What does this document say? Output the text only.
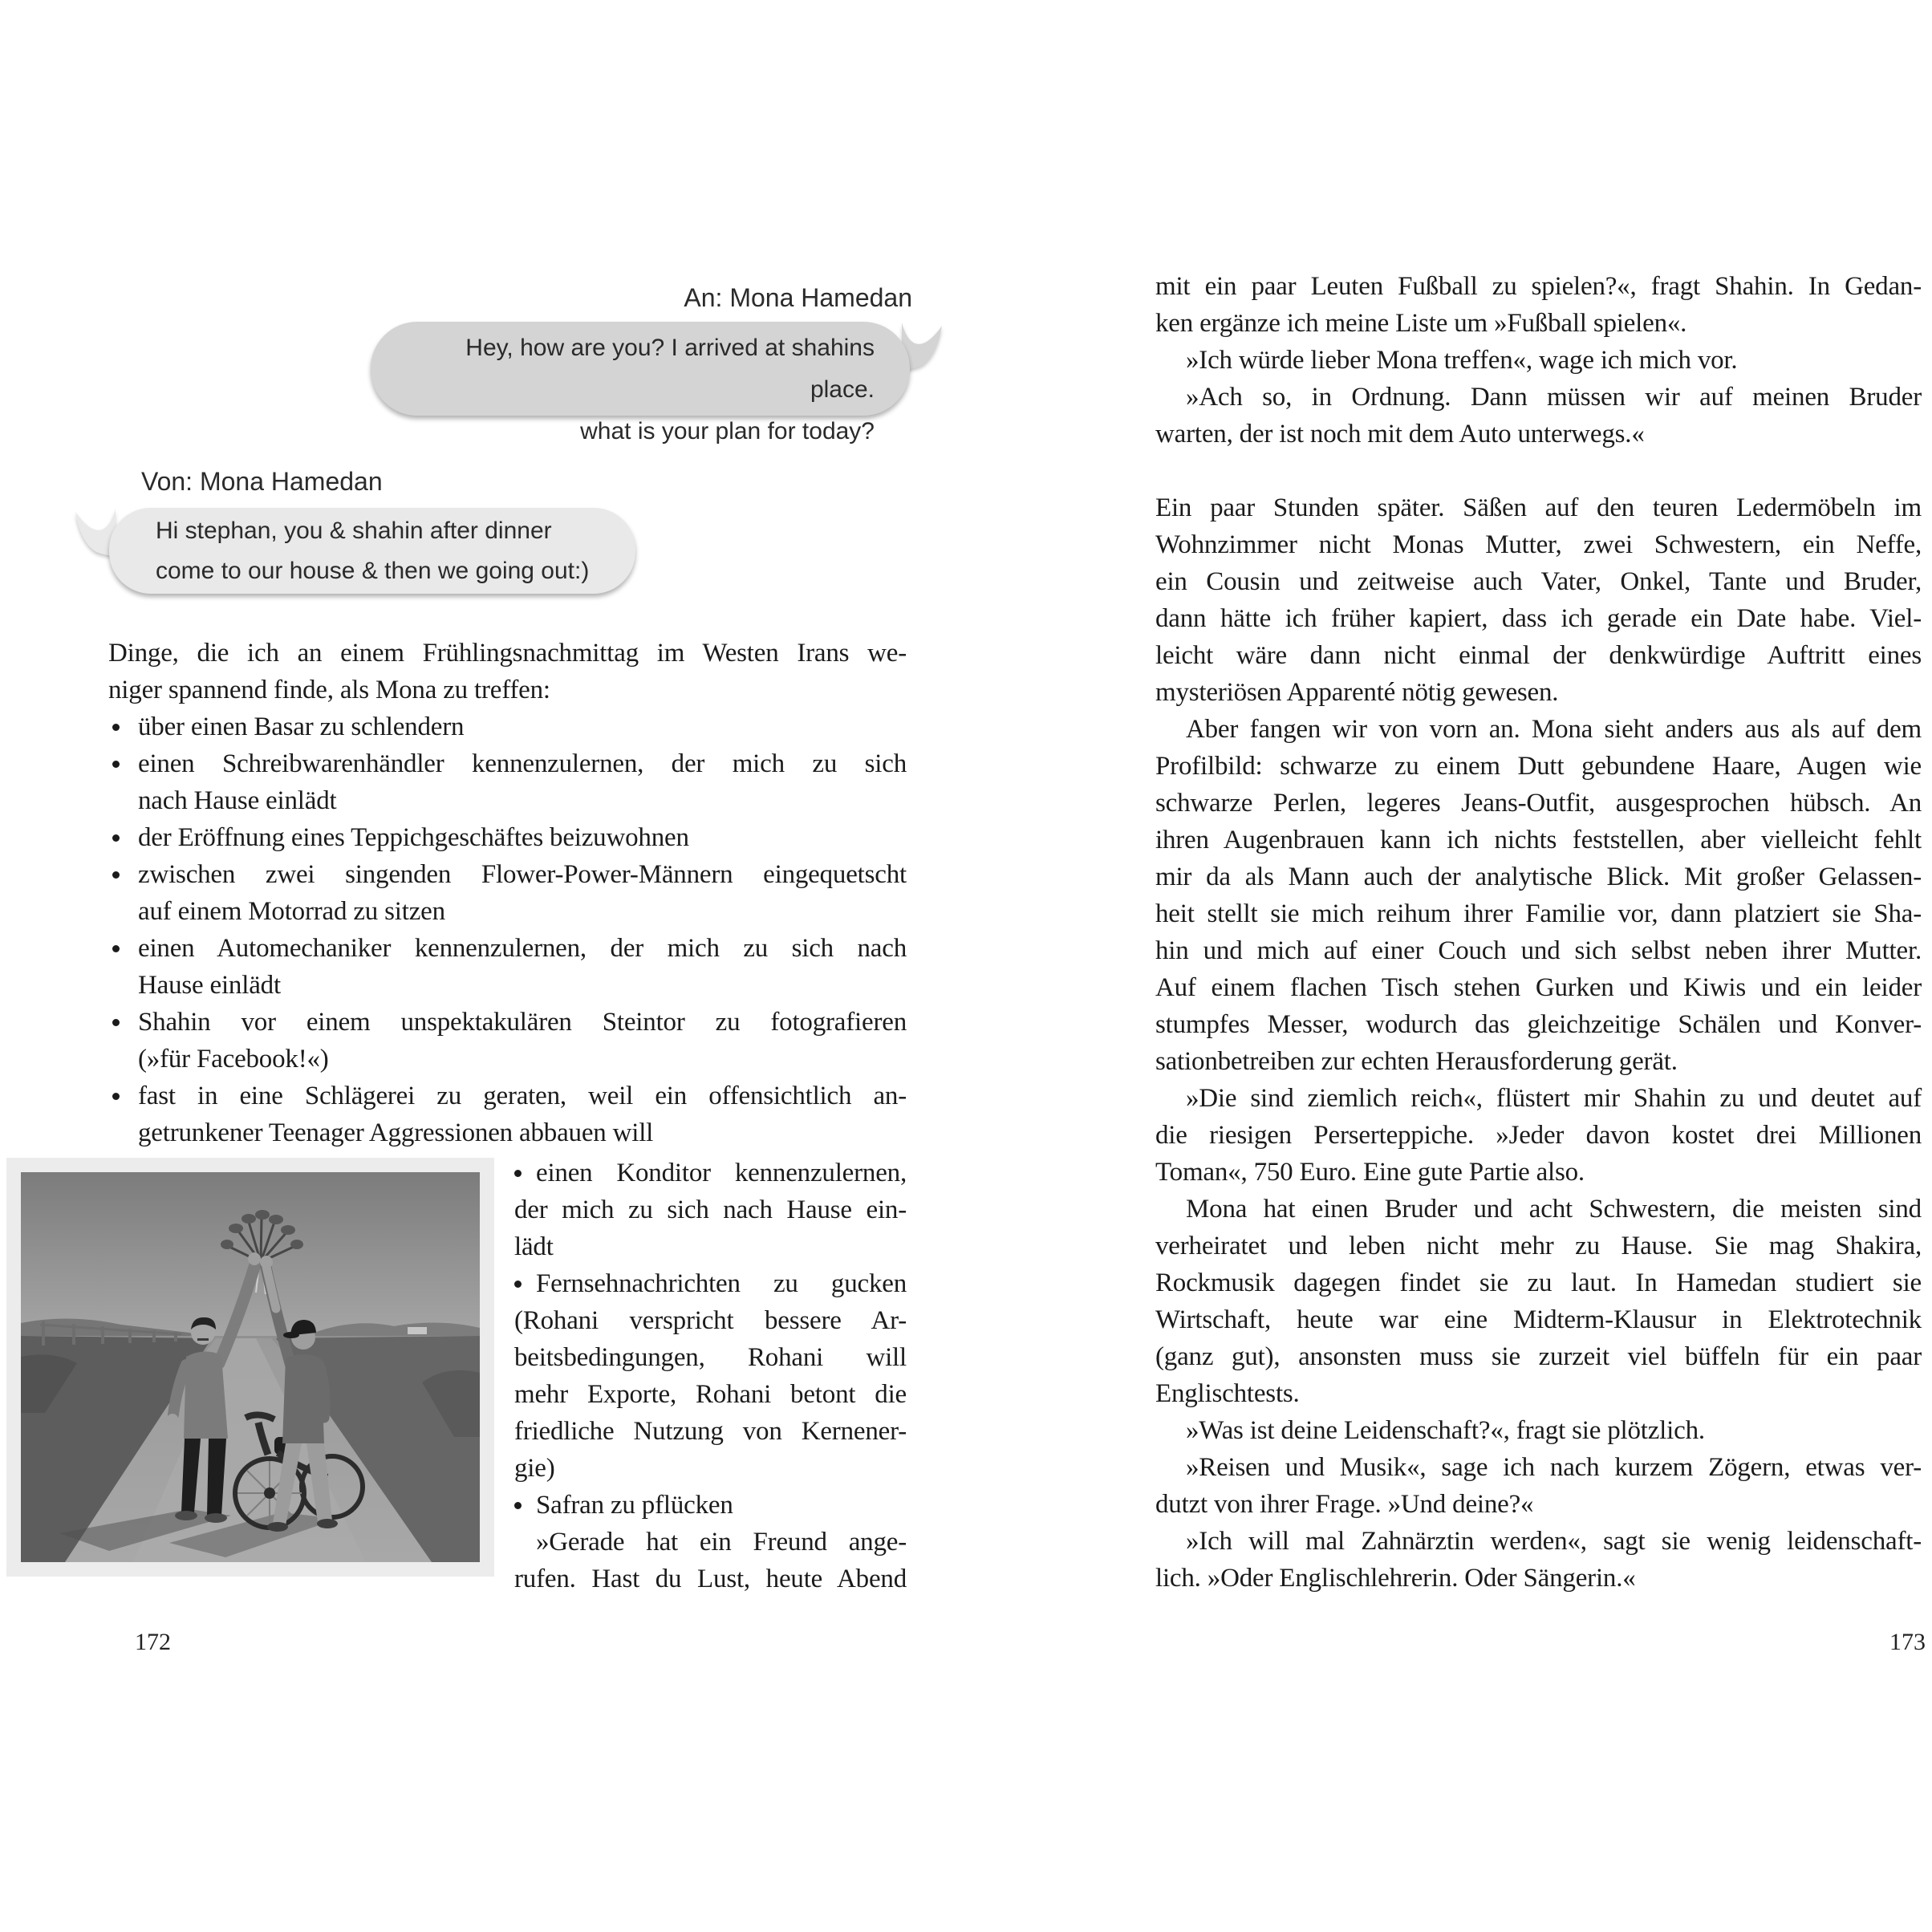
An: Mona Hamedan
Hey, how are you? I arrived at shahins place.
what is your plan for today?
Von: Mona Hamedan
Hi stephan, you & shahin after dinner
come to our house & then we going out:)
Dinge, die ich an einem Frühlingsnachmittag im Westen Irans we-
niger spannend finde, als Mona zu treffen:
über einen Basar zu schlendern
einen Schreibwarenhändler kennenzulernen, der mich zu sich
nach Hause einlädt
der Eröffnung eines Teppichgeschäftes beizuwohnen
zwischen zwei singenden Flower-Power-Männern eingequetscht
auf einem Motorrad zu sitzen
einen Automechaniker kennenzulernen, der mich zu sich nach
Hause einlädt
Shahin vor einem unspektakulären Steintor zu fotografieren
(»für Facebook!«)
fast in eine Schlägerei zu geraten, weil ein offensichtlich an-
getrunkener Teenager Aggressionen abbauen will
einen Konditor kennenzulernen,
der mich zu sich nach Hause ein-
lädt
Fernsehnachrichten zu gucken
(Rohani verspricht bessere Ar-
beitsbedingungen, Rohani will
mehr Exporte, Rohani betont die
friedliche Nutzung von Kernener-
gie)
Safran zu pflücken
»Gerade hat ein Freund ange-
rufen. Hast du Lust, heute Abend
172
mit ein paar Leuten Fußball zu spielen?«, fragt Shahin. In Gedan-
ken ergänze ich meine Liste um »Fußball spielen«.
»Ich würde lieber Mona treffen«, wage ich mich vor.
»Ach so, in Ordnung. Dann müssen wir auf meinen Bruder
warten, der ist noch mit dem Auto unterwegs.«
Ein paar Stunden später. Säßen auf den teuren Ledermöbeln im
Wohnzimmer nicht Monas Mutter, zwei Schwestern, ein Neffe,
ein Cousin und zeitweise auch Vater, Onkel, Tante und Bruder,
dann hätte ich früher kapiert, dass ich gerade ein Date habe. Viel-
leicht wäre dann nicht einmal der denkwürdige Auftritt eines
mysteriösen Apparenté nötig gewesen.
Aber fangen wir von vorn an. Mona sieht anders aus als auf dem
Profilbild: schwarze zu einem Dutt gebundene Haare, Augen wie
schwarze Perlen, legeres Jeans-Outfit, ausgesprochen hübsch. An
ihren Augenbrauen kann ich nichts feststellen, aber vielleicht fehlt
mir da als Mann auch der analytische Blick. Mit großer Gelassen-
heit stellt sie mich reihum ihrer Familie vor, dann platziert sie Sha-
hin und mich auf einer Couch und sich selbst neben ihrer Mutter.
Auf einem flachen Tisch stehen Gurken und Kiwis und ein leider
stumpfes Messer, wodurch das gleichzeitige Schälen und Konver-
sationbetreiben zur echten Herausforderung gerät.
»Die sind ziemlich reich«, flüstert mir Shahin zu und deutet auf
die riesigen Perserteppiche. »Jeder davon kostet drei Millionen
Toman«, 750 Euro. Eine gute Partie also.
Mona hat einen Bruder und acht Schwestern, die meisten sind
verheiratet und leben nicht mehr zu Hause. Sie mag Shakira,
Rockmusik dagegen findet sie zu laut. In Hamedan studiert sie
Wirtschaft, heute war eine Midterm-Klausur in Elektrotechnik
(ganz gut), ansonsten muss sie zurzeit viel büffeln für ein paar
Englischtests.
»Was ist deine Leidenschaft?«, fragt sie plötzlich.
»Reisen und Musik«, sage ich nach kurzem Zögern, etwas ver-
dutzt von ihrer Frage. »Und deine?«
»Ich will mal Zahnärztin werden«, sagt sie wenig leidenschaft-
lich. »Oder Englischlehrerin. Oder Sängerin.«
173
